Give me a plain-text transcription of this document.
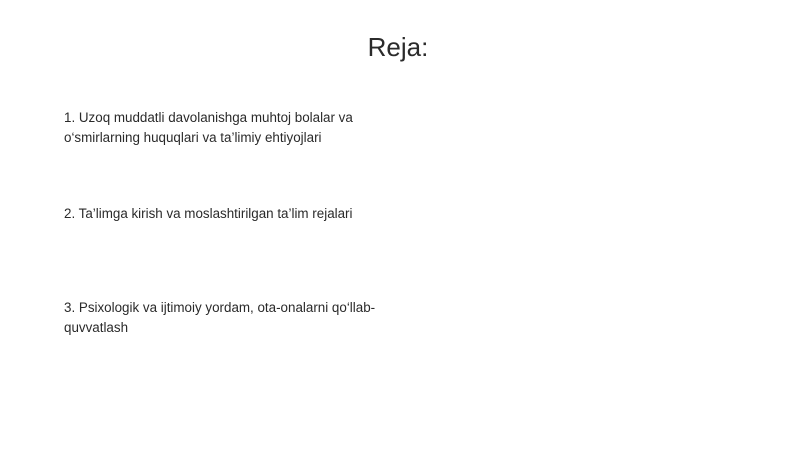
Reja:
1. Uzoq muddatli davolanishga muhtoj bolalar va
o‘smirlarning huquqlari va ta’limiy ehtiyojlari
2. Ta’limga kirish va moslashtirilgan ta’lim rejalari
3. Psixologik va ijtimoiy yordam, ota-onalarni qo‘llab-
quvvatlash
